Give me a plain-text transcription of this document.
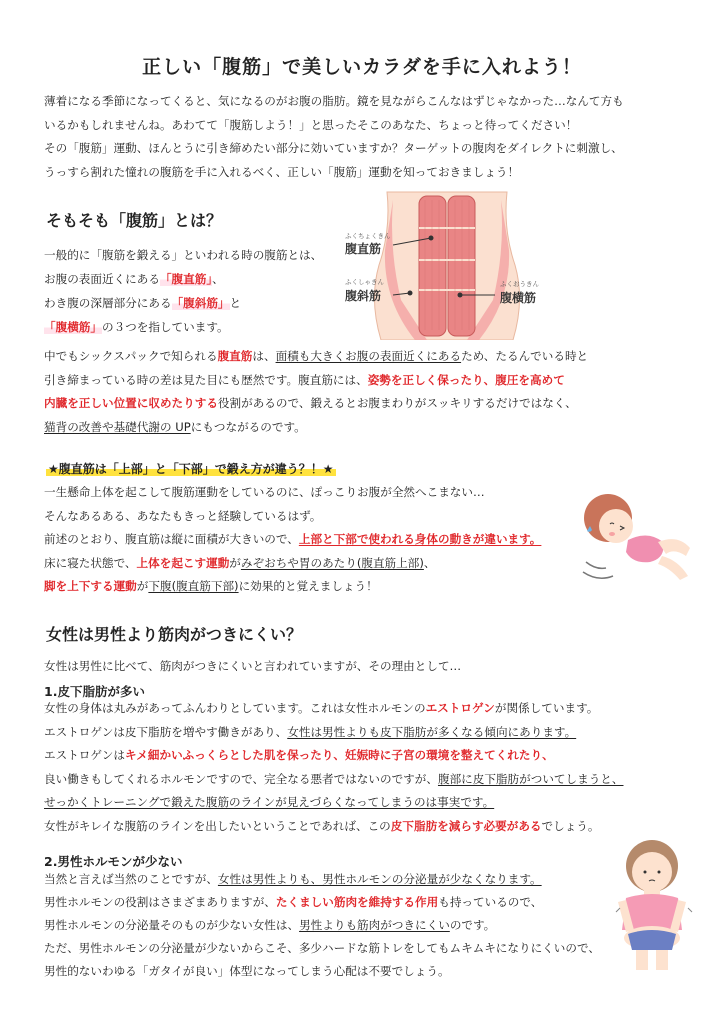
正しい「腹筋」で美しいカラダを手に入れよう！
薄着になる季節になってくると、気になるのがお腹の脂肪。鏡を見ながらこんなはずじゃなかった…なんて方も
いるかもしれませんね。あわてて「腹筋しよう！」と思ったそこのあなた、ちょっと待ってください！
その「腹筋」運動、ほんとうに引き締めたい部分に効いていますか？ターゲットの腹肉をダイレクトに刺激し、
うっすら割れた憧れの腹筋を手に入れるべく、正しい「腹筋」運動を知っておきましょう！
そもそも「腹筋」とは？
一般的に「腹筋を鍛える」といわれる時の腹筋とは、
お腹の表面近くにある「腹直筋」、
わき腹の深層部分にある「腹斜筋」と
「腹横筋」の３つを指しています。
ふくちょくきん
腹直筋
ふくしゃきん
腹斜筋
ふくおうきん
腹横筋
中でもシックスパックで知られる腹直筋は、面積も大きくお腹の表面近くにあるため、たるんでいる時と
引き締まっている時の差は見た目にも歴然です。腹直筋には、姿勢を正しく保ったり、腹圧を高めて
内臓を正しい位置に収めたりする役割があるので、鍛えるとお腹まわりがスッキリするだけではなく、
猫背の改善や基礎代謝の UPにもつながるのです。
★腹直筋は「上部」と「下部」で鍛え方が違う？！★
一生懸命上体を起こして腹筋運動をしているのに、ぽっこりお腹が全然へこまない…
そんなあるある、あなたもきっと経験しているはず。
前述のとおり、腹直筋は縦に面積が大きいので、上部と下部で使われる身体の動きが違います。
床に寝た状態で、上体を起こす運動がみぞおちや胃のあたり(腹直筋上部)、
脚を上下する運動が下腹(腹直筋下部)に効果的と覚えましょう！
女性は男性より筋肉がつきにくい？
女性は男性に比べて、筋肉がつきにくいと言われていますが、その理由として…
1.皮下脂肪が多い
女性の身体は丸みがあってふんわりとしています。これは女性ホルモンのエストロゲンが関係しています。
エストロゲンは皮下脂肪を増やす働きがあり、女性は男性よりも皮下脂肪が多くなる傾向にあります。
エストロゲンはキメ細かいふっくらとした肌を保ったり、妊娠時に子宮の環境を整えてくれたり、
良い働きもしてくれるホルモンですので、完全なる悪者ではないのですが、腹部に皮下脂肪がついてしまうと、
せっかくトレーニングで鍛えた腹筋のラインが見えづらくなってしまうのは事実です。
女性がキレイな腹筋のラインを出したいということであれば、この皮下脂肪を減らす必要があるでしょう。
2.男性ホルモンが少ない
当然と言えば当然のことですが、女性は男性よりも、男性ホルモンの分泌量が少なくなります。
男性ホルモンの役割はさまざまありますが、たくましい筋肉を維持する作用も持っているので、
男性ホルモンの分泌量そのものが少ない女性は、男性よりも筋肉がつきにくいのです。
ただ、男性ホルモンの分泌量が少ないからこそ、多少ハードな筋トレをしてもムキムキになりにくいので、
男性的ないわゆる「ガタイが良い」体型になってしまう心配は不要でしょう。
